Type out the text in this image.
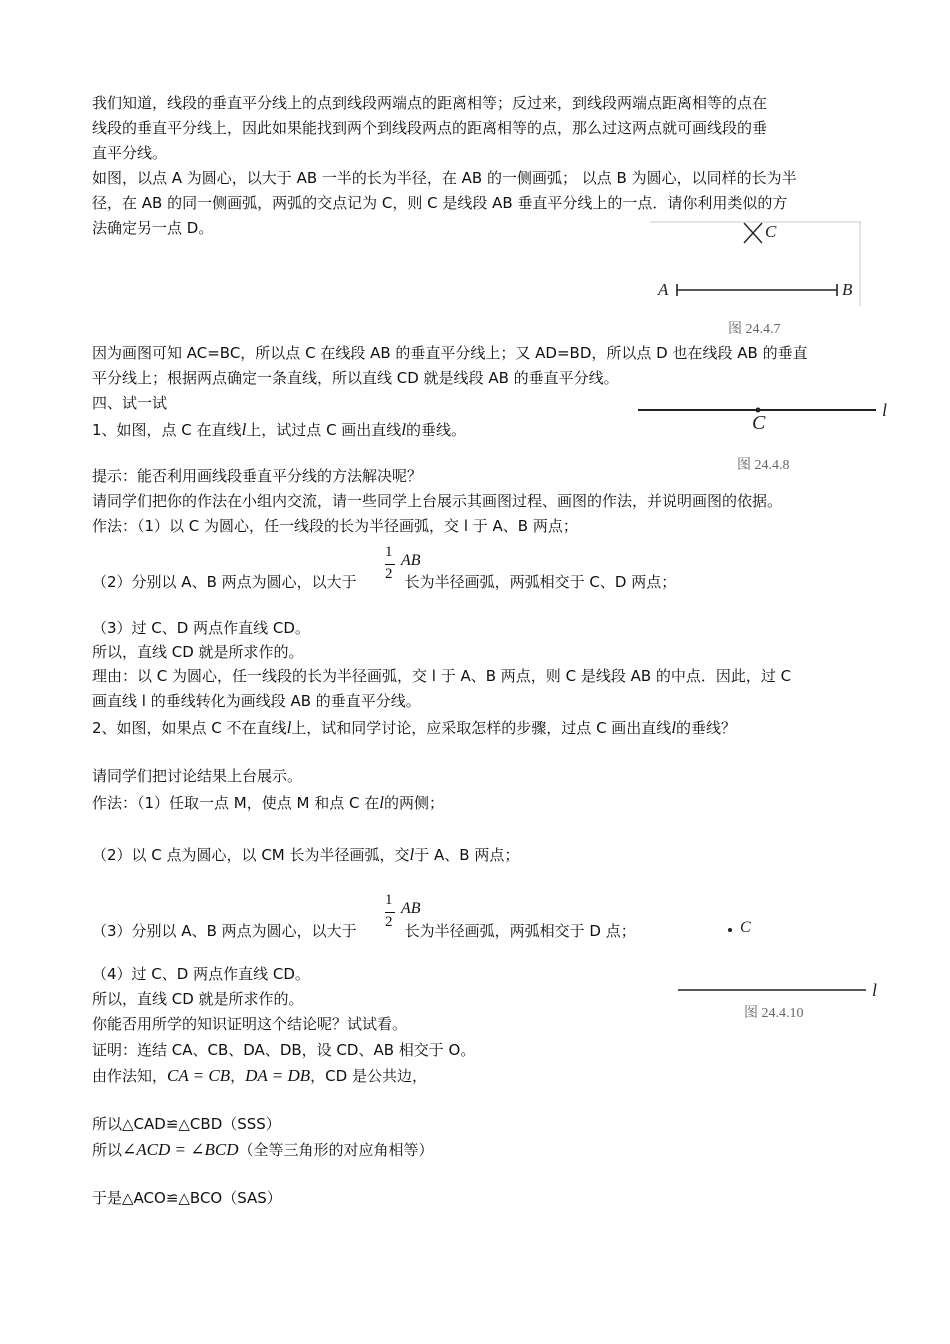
我们知道，线段的垂直平分线上的点到线段两端点的距离相等；反过来，到线段两端点距离相等的点在
线段的垂直平分线上，因此如果能找到两个到线段两点的距离相等的点，那么过这两点就可画线段的垂
直平分线。
如图，以点 A 为圆心，以大于 AB 一半的长为半径，在 AB 的一侧画弧； 以点 B 为圆心，以同样的长为半
径，在 AB 的同一侧画弧，两弧的交点记为 C，则 C 是线段 AB 垂直平分线上的一点．请你利用类似的方
法确定另一点 D。	C
A	B
图 24.4.7
因为画图可知 AC=BC，所以点 C 在线段 AB 的垂直平分线上；又 AD=BD，所以点 D 也在线段 AB 的垂直
平分线上；根据两点确定一条直线，所以直线 CD 就是线段 AB 的垂直平分线。
四、试一试
1、如图，点 C 在直线l上，试过点 C 画出直线l的垂线。
l
C
图 24.4.8
提示：能否利用画线段垂直平分线的方法解决呢？
请同学们把你的作法在小组内交流，请一些同学上台展示其画图过程、画图的作法，并说明画图的依据。
作法：（1）以 C 为圆心，任一线段的长为半径画弧，交 l 于 A、B 两点；
（2）分别以 A、B 两点为圆心，以大于	长为半径画弧，两弧相交于 C、D 两点；
1
2
AB
（3）过 C、D 两点作直线 CD。
所以，直线 CD 就是所求作的。
理由：以 C 为圆心，任一线段的长为半径画弧，交 l 于 A、B 两点，则 C 是线段 AB 的中点．因此，过 C
画直线 l 的垂线转化为画线段 AB 的垂直平分线。
2、如图，如果点 C 不在直线l上，试和同学讨论，应采取怎样的步骤，过点 C 画出直线l的垂线？
请同学们把讨论结果上台展示。
作法：（1）任取一点 M，使点 M 和点 C 在l的两侧；
（2）以 C 点为圆心，以 CM 长为半径画弧，交l于 A、B 两点；
（3）分别以 A、B 两点为圆心，以大于	长为半径画弧，两弧相交于 D 点；
1
2
AB
C
l
图 24.4.10
（4）过 C、D 两点作直线 CD。
所以，直线 CD 就是所求作的。
你能否用所学的知识证明这个结论呢？试试看。
证明：连结 CA、CB、DA、DB，设 CD、AB 相交于 O。
由作法知，CA = CB，DA = DB，CD 是公共边，
所以△CAD≌△CBD（SSS）
所以∠ACD = ∠BCD（全等三角形的对应角相等）
于是△ACO≌△BCO（SAS）
